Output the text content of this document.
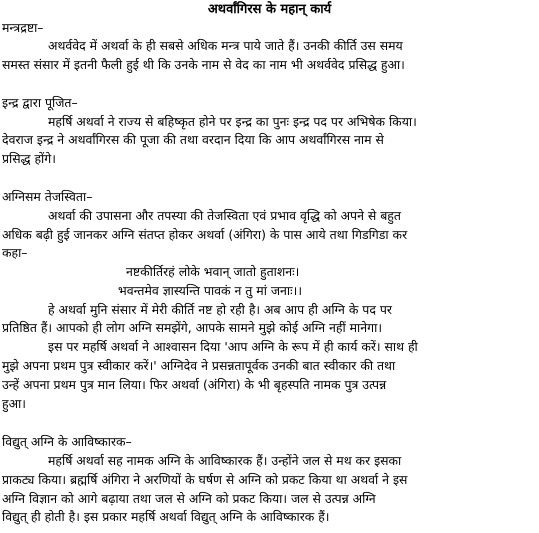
अथर्वांगिरस के महान् कार्य
मन्त्रद्रष्टा–
अथर्ववेद में अथर्वा के ही सबसे अधिक मन्त्र पाये जाते हैं। उनकी कीर्ति उस समय
समस्त संसार में इतनी फैली हुई थी कि उनके नाम से वेद का नाम भी अथर्ववेद प्रसिद्ध हुआ।
इन्द्र द्वारा पूजित–
महर्षि अथर्वा ने राज्य से बहिष्कृत होने पर इन्द्र का पुनः इन्द्र पद पर अभिषेक किया।
देवराज इन्द्र ने अथर्वांगिरस की पूजा की तथा वरदान दिया कि आप अथर्वांगिरस नाम से
प्रसिद्ध होंगे।
अग्निसम तेजस्विता–
अथर्वा की उपासना और तपस्या की तेजस्विता एवं प्रभाव वृद्धि को अपने से बहुत
अधिक बढ़ी हुई जानकर अग्नि संतप्त होकर अथर्वा (अंगिरा) के पास आये तथा गिडगिडा कर
कहा–
नष्टकीर्तिरहं लोके भवान् जातो हुताशनः।
भवन्तमेव ज्ञास्यन्ति पावकं न तु मां जनाः।।
हे अथर्वा मुनि संसार में मेरी कीर्ति नष्ट हो रही है। अब आप ही अग्नि के पद पर
प्रतिष्ठित हैं। आपको ही लोग अग्नि समझेंगे, आपके सामने मुझे कोई अग्नि नहीं मानेगा।
इस पर महर्षि अथर्वा ने आश्वासन दिया 'आप अग्नि के रूप में ही कार्य करें। साथ ही
मुझे अपना प्रथम पुत्र स्वीकार करें।' अग्निदेव ने प्रसन्नतापूर्वक उनकी बात स्वीकार की तथा
उन्हें अपना प्रथम पुत्र मान लिया। फिर अथर्वा (अंगिरा) के भी बृहस्पति नामक पुत्र उत्पन्न
हुआ।
विद्युत् अग्नि के आविष्कारक–
महर्षि अथर्वा सह नामक अग्नि के आविष्कारक हैं। उन्होंने जल से मथ कर इसका
प्राकट्य किया। ब्रह्मर्षि अंगिरा ने अरणियों के घर्षण से अग्नि को प्रकट किया था अथर्वा ने इस
अग्नि विज्ञान को आगे बढ़ाया तथा जल से अग्नि को प्रकट किया। जल से उत्पन्न अग्नि
विद्युत् ही होती है। इस प्रकार महर्षि अथर्वा विद्युत् अग्नि के आविष्कारक हैं।
